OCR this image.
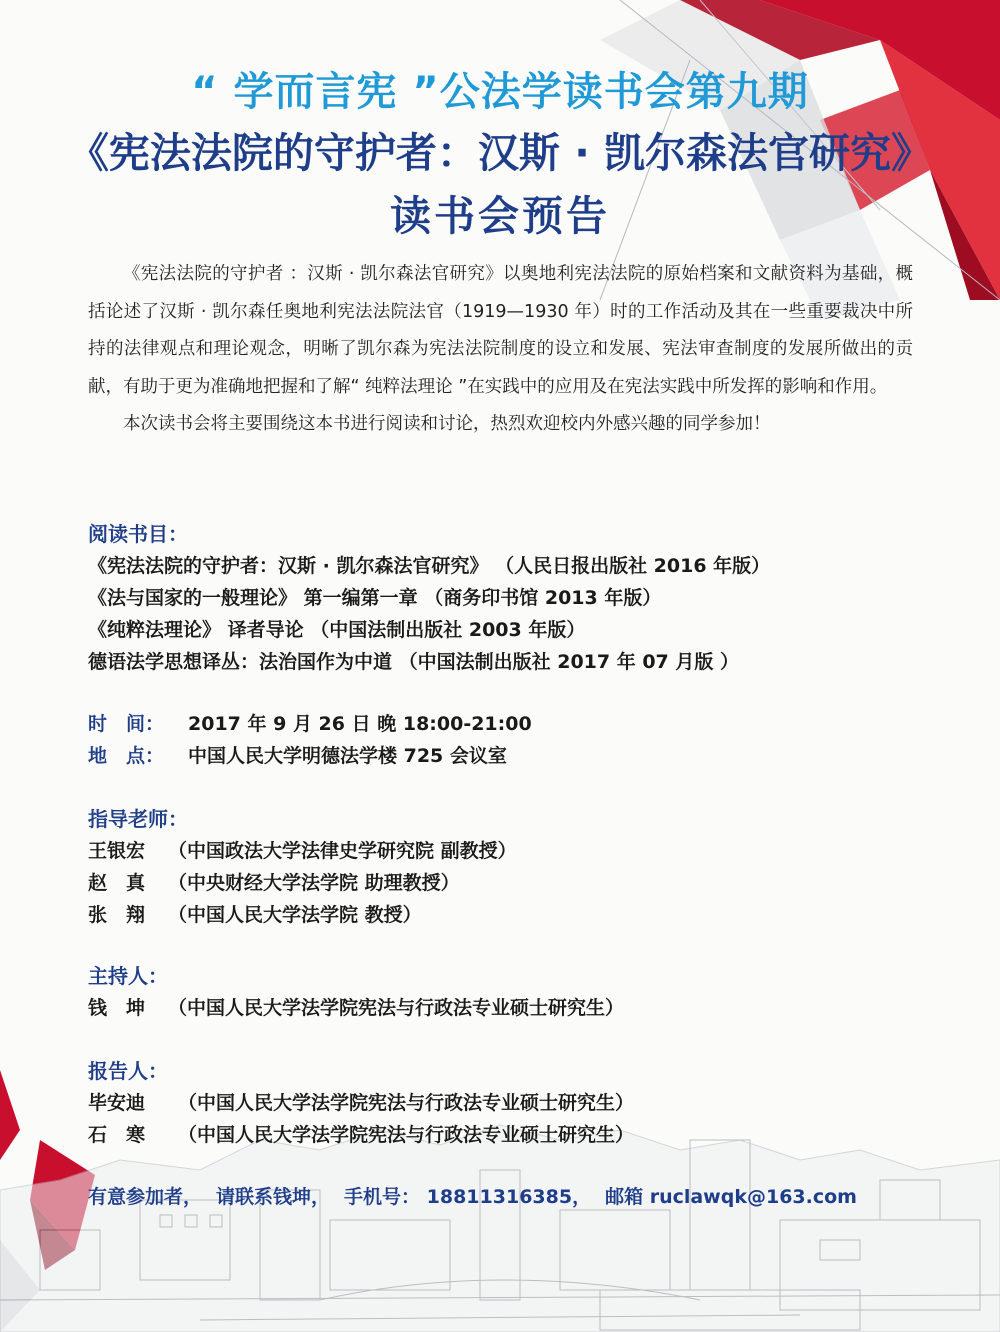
“ 学而言宪 ”公法学读书会第九期
《宪法法院的守护者：汉斯 · 凯尔森法官研究》
读书会预告

《宪法法院的守护者 ：汉斯 · 凯尔森法官研究》以奥地利宪法法院的原始档案和文献资料为基础，概括论述了汉斯 · 凯尔森任奥地利宪法法院法官（1919—1930 年）时的工作活动及其在一些重要裁决中所持的法律观点和理论观念，明晰了凯尔森为宪法法院制度的设立和发展、宪法审查制度的发展所做出的贡献，有助于更为准确地把握和了解“ 纯粹法理论 ”在实践中的应用及在宪法实践中所发挥的影响和作用。

本次读书会将主要围绕这本书进行阅读和讨论，热烈欢迎校内外感兴趣的同学参加！

阅读书目：
《宪法法院的守护者：汉斯 · 凯尔森法官研究》 （人民日报出版社 2016 年版）
《法与国家的一般理论》 第一编第一章 （商务印书馆 2013 年版）
《纯粹法理论》 译者导论 （中国法制出版社 2003 年版）
德语法学思想译丛：法治国作为中道 （中国法制出版社 2017 年 07 月版 ）
时　间： 2017 年 9 月 26 日 晚 18:00-21:00
地　点： 中国人民大学明德法学楼 725 会议室
指导老师：
王银宏 （中国政法大学法律史学研究院 副教授）
赵　真 （中央财经大学法学院 助理教授）
张　翔 （中国人民大学法学院 教授）
主持人：
钱　坤 （中国人民大学法学院宪法与行政法专业硕士研究生）
报告人：
毕安迪 （中国人民大学法学院宪法与行政法专业硕士研究生）
石　寒 （中国人民大学法学院宪法与行政法专业硕士研究生）
有意参加者， 请联系钱坤， 手机号： 18811316385， 邮箱 ruclawqk@163.com
